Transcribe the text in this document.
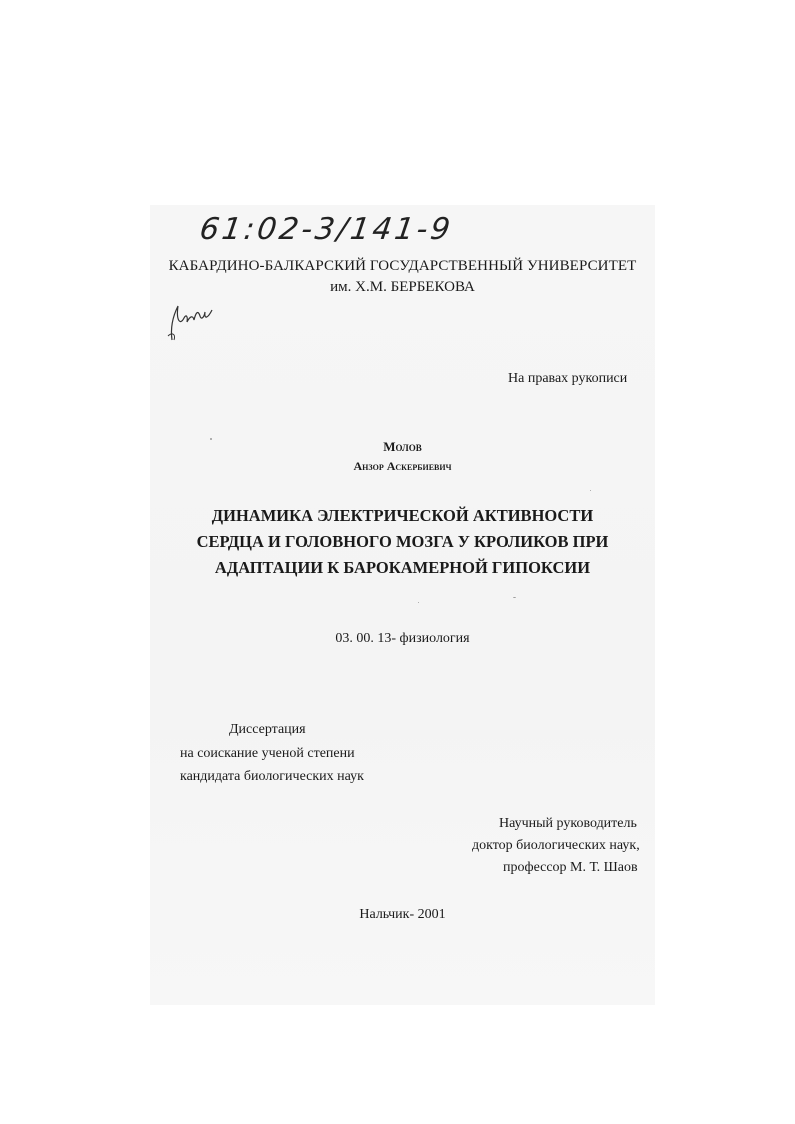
61:02-3/141-9
КАБАРДИНО-БАЛКАРСКИЙ ГОСУДАРСТВЕННЫЙ УНИВЕРСИТЕТ
им. Х.М. БЕРБЕКОВА
На правах рукописи
Молов
Анзор Аскербиевич
ДИНАМИКА ЭЛЕКТРИЧЕСКОЙ АКТИВНОСТИ
СЕРДЦА И ГОЛОВНОГО МОЗГА У КРОЛИКОВ ПРИ
АДАПТАЦИИ К БАРОКАМЕРНОЙ ГИПОКСИИ
03. 00. 13- физиология
Диссертация
на соискание ученой степени
кандидата биологических наук
Научный руководитель
доктор биологических наук,
профессор М. Т. Шаов
Нальчик- 2001
